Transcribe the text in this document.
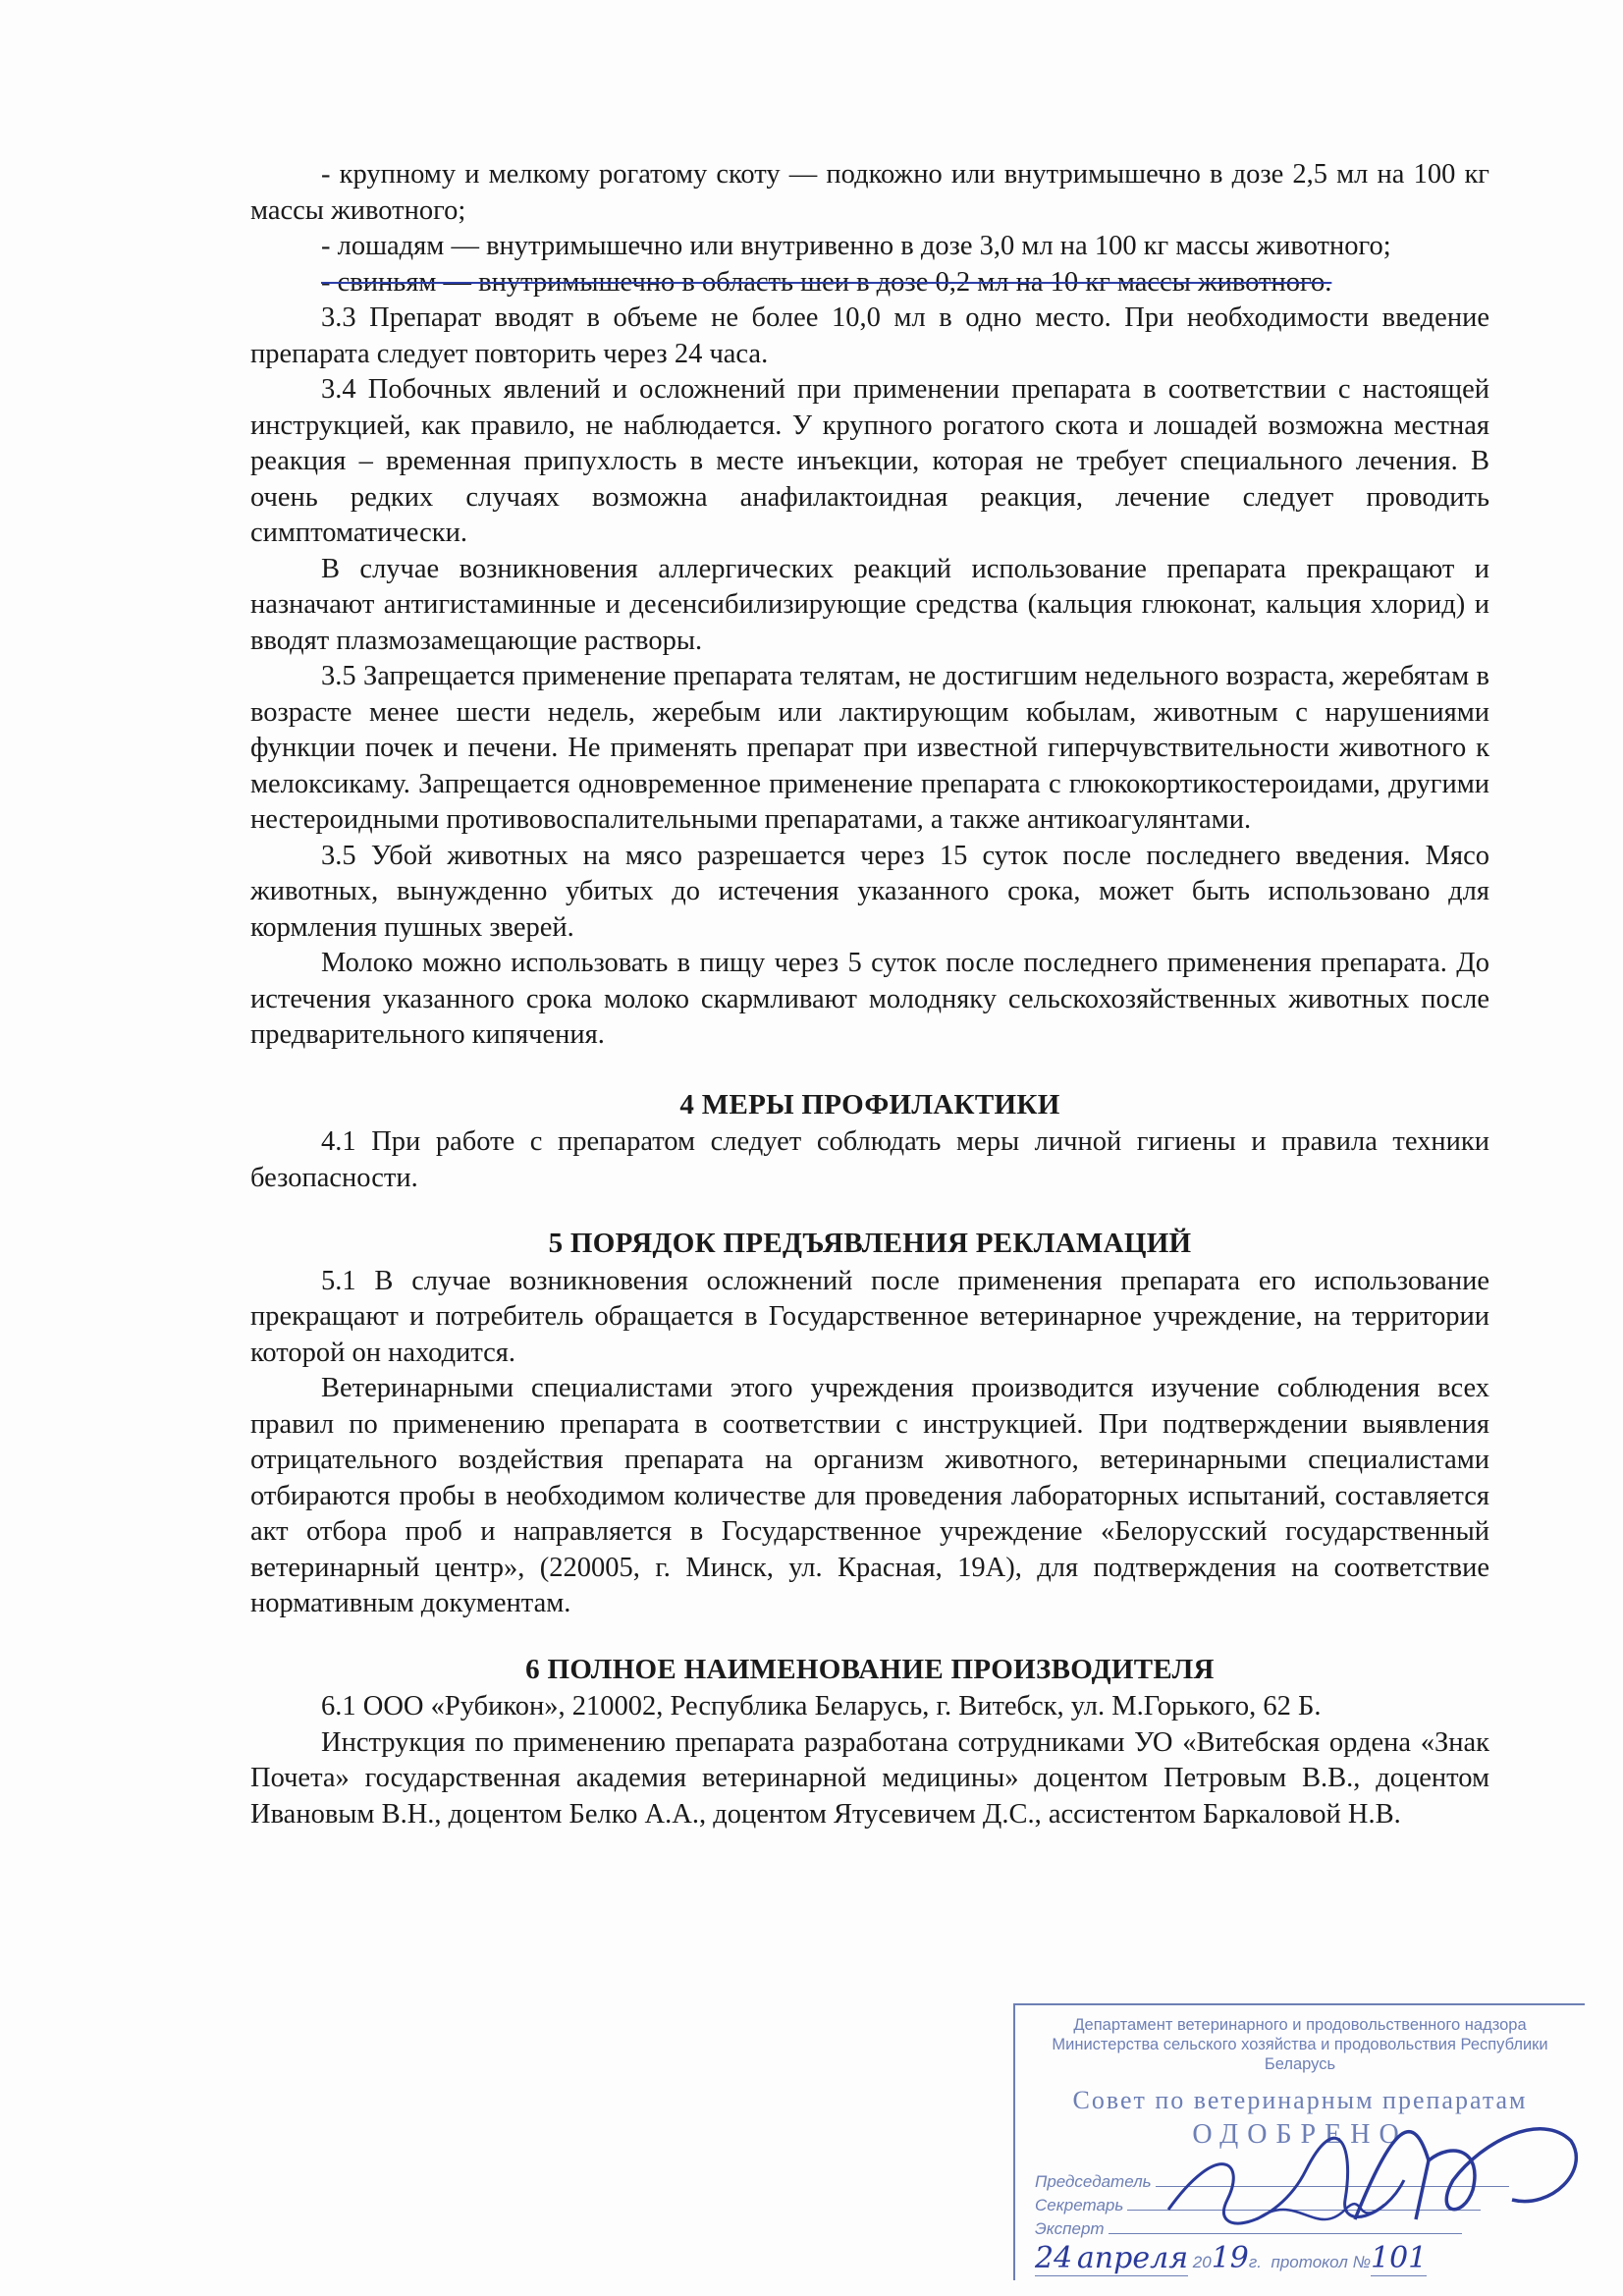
- крупному и мелкому рогатому скоту — подкожно или внутримышечно в дозе 2,5 мл на 100 кг массы животного;

- лошадям — внутримышечно или внутривенно в дозе 3,0 мл на 100 кг массы животного;

- свиньям — внутримышечно в область шеи в дозе 0,2 мл на 10 кг массы животного.

3.3 Препарат вводят в объеме не более 10,0 мл в одно место. При необходимости введение препарата следует повторить через 24 часа.

3.4 Побочных явлений и осложнений при применении препарата в соответствии с настоящей инструкцией, как правило, не наблюдается. У крупного рогатого скота и лошадей возможна местная реакция – временная припухлость в месте инъекции, которая не требует специального лечения. В очень редких случаях возможна анафилактоидная реакция, лечение следует проводить симптоматически.

В случае возникновения аллергических реакций использование препарата прекращают и назначают антигистаминные и десенсибилизирующие средства (кальция глюконат, кальция хлорид) и вводят плазмозамещающие растворы.

3.5 Запрещается применение препарата телятам, не достигшим недельного возраста, жеребятам в возрасте менее шести недель, жеребым или лактирующим кобылам, животным с нарушениями функции почек и печени. Не применять препарат при известной гиперчувствительности животного к мелоксикаму. Запрещается одновременное применение препарата с глюкокортикостероидами, другими нестероидными противовоспалительными препаратами, а также антикоагулянтами.

3.5 Убой животных на мясо разрешается через 15 суток после последнего введения. Мясо животных, вынужденно убитых до истечения указанного срока, может быть использовано для кормления пушных зверей.

Молоко можно использовать в пищу через 5 суток после последнего применения препарата. До истечения указанного срока молоко скармливают молодняку сельскохозяйственных животных после предварительного кипячения.

4 МЕРЫ ПРОФИЛАКТИКИ

4.1 При работе с препаратом следует соблюдать меры личной гигиены и правила техники безопасности.

5 ПОРЯДОК ПРЕДЪЯВЛЕНИЯ РЕКЛАМАЦИЙ

5.1 В случае возникновения осложнений после применения препарата его использование прекращают и потребитель обращается в Государственное ветеринарное учреждение, на территории которой он находится.

Ветеринарными специалистами этого учреждения производится изучение соблюдения всех правил по применению препарата в соответствии с инструкцией. При подтверждении выявления отрицательного воздействия препарата на организм животного, ветеринарными специалистами отбираются пробы в необходимом количестве для проведения лабораторных испытаний, составляется акт отбора проб и направляется в Государственное учреждение «Белорусский государственный ветеринарный центр», (220005, г. Минск, ул. Красная, 19А), для подтверждения на соответствие нормативным документам.

6 ПОЛНОЕ НАИМЕНОВАНИЕ ПРОИЗВОДИТЕЛЯ

6.1 ООО «Рубикон», 210002, Республика Беларусь, г. Витебск, ул. М.Горького, 62 Б.

Инструкция по применению препарата разработана сотрудниками УО «Витебская ордена «Знак Почета» государственная академия ветеринарной медицины» доцентом Петровым В.В., доцентом Ивановым В.Н., доцентом Белко А.А., доцентом Ятусевичем Д.С., ассистентом Баркаловой Н.В.

Департамент ветеринарного и продовольственного надзора Министерства сельского хозяйства и продовольствия Республики Беларусь
Совет по ветеринарным препаратам
ОДОБРЕНО
Председатель
Секретарь
Эксперт
24 апреля 2019г. протокол №101
